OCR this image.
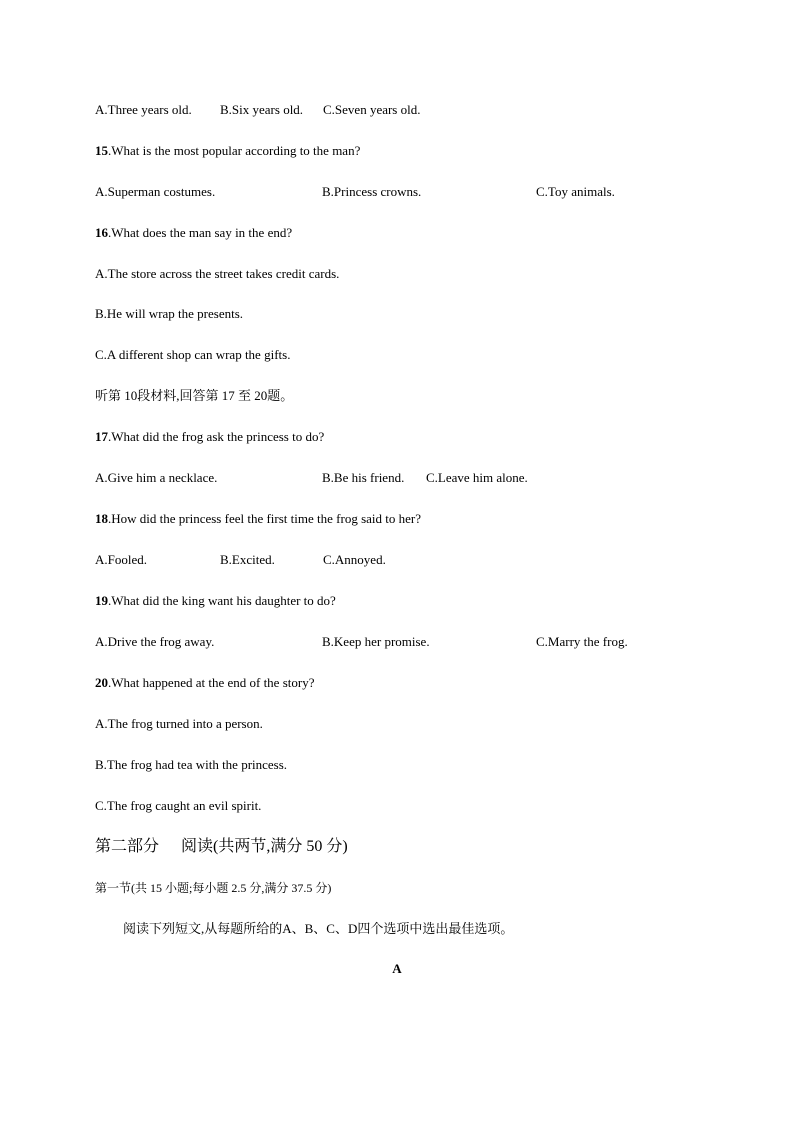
A.Three years old. B.Six years old. C.Seven years old.
15.What is the most popular according to the man?
A.Superman costumes.	B.Princess crowns.	C.Toy animals.
16.What does the man say in the end?
A.The store across the street takes credit cards.
B.He will wrap the presents.
C.A different shop can wrap the gifts.
听第 10段材料,回答第 17 至 20题。
17.What did the frog ask the princess to do?
A.Give him a necklace.	B.Be his friend. C.Leave him alone.
18.How did the princess feel the first time the frog said to her?
A.Fooled.	B.Excited.	C.Annoyed.
19.What did the king want his daughter to do?
A.Drive the frog away.	B.Keep her promise.	C.Marry the frog.
20.What happened at the end of the story?
A.The frog turned into a person.
B.The frog had tea with the princess.
C.The frog caught an evil spirit.
第二部分 阅读(共两节,满分 50 分)
第一节(共 15 小题;每小题 2.5 分,满分 37.5 分)
阅读下列短文,从每题所给的A、B、C、D四个选项中选出最佳选项。
A
